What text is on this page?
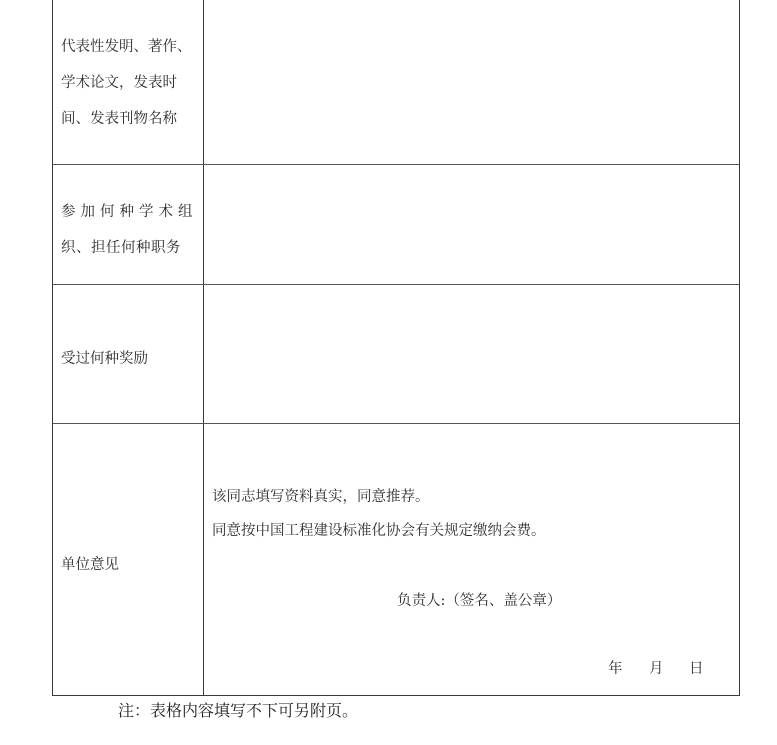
代表性发明、著作、
学术论文，发表时
间、发表刊物名称
参加何种学术组
织、担任何种职务
受过何种奖励
单位意见
该同志填写资料真实，同意推荐。
同意按中国工程建设标准化协会有关规定缴纳会费。
负责人:（签名、盖公章）
年 月 日
注：表格内容填写不下可另附页。
